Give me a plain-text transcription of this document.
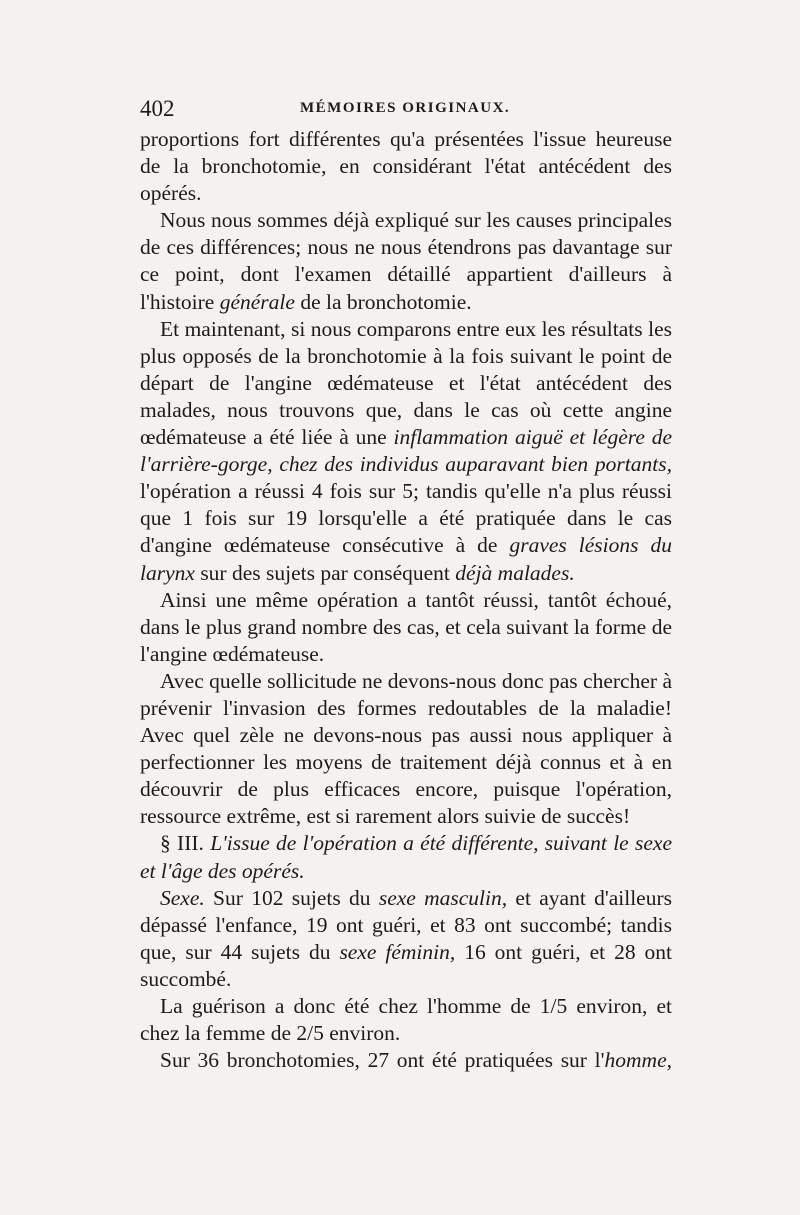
402	MÉMOIRES ORIGINAUX.

proportions fort différentes qu'a présentées l'issue heureuse de la bronchotomie, en considérant l'état antécédent des opérés.

Nous nous sommes déjà expliqué sur les causes principales de ces différences; nous ne nous étendrons pas davantage sur ce point, dont l'examen détaillé appartient d'ailleurs à l'histoire générale de la bronchotomie.

Et maintenant, si nous comparons entre eux les résultats les plus opposés de la bronchotomie à la fois suivant le point de départ de l'angine œdémateuse et l'état antécédent des malades, nous trouvons que, dans le cas où cette angine œdémateuse a été liée à une inflammation aiguë et légère de l'arrière-gorge, chez des individus auparavant bien portants, l'opération a réussi 4 fois sur 5; tandis qu'elle n'a plus réussi que 1 fois sur 19 lorsqu'elle a été pratiquée dans le cas d'angine œdémateuse consécutive à de graves lésions du larynx sur des sujets par conséquent déjà malades.

Ainsi une même opération a tantôt réussi, tantôt échoué, dans le plus grand nombre des cas, et cela suivant la forme de l'angine œdémateuse.

Avec quelle sollicitude ne devons-nous donc pas chercher à prévenir l'invasion des formes redoutables de la maladie! Avec quel zèle ne devons-nous pas aussi nous appliquer à perfectionner les moyens de traitement déjà connus et à en découvrir de plus efficaces encore, puisque l'opération, ressource extrême, est si rarement alors suivie de succès!

§ III. L'issue de l'opération a été différente, suivant le sexe et l'âge des opérés.

Sexe. Sur 102 sujets du sexe masculin, et ayant d'ailleurs dépassé l'enfance, 19 ont guéri, et 83 ont succombé; tandis que, sur 44 sujets du sexe féminin, 16 ont guéri, et 28 ont succombé.

La guérison a donc été chez l'homme de 1/5 environ, et chez la femme de 2/5 environ.

Sur 36 bronchotomies, 27 ont été pratiquées sur l'homme,
